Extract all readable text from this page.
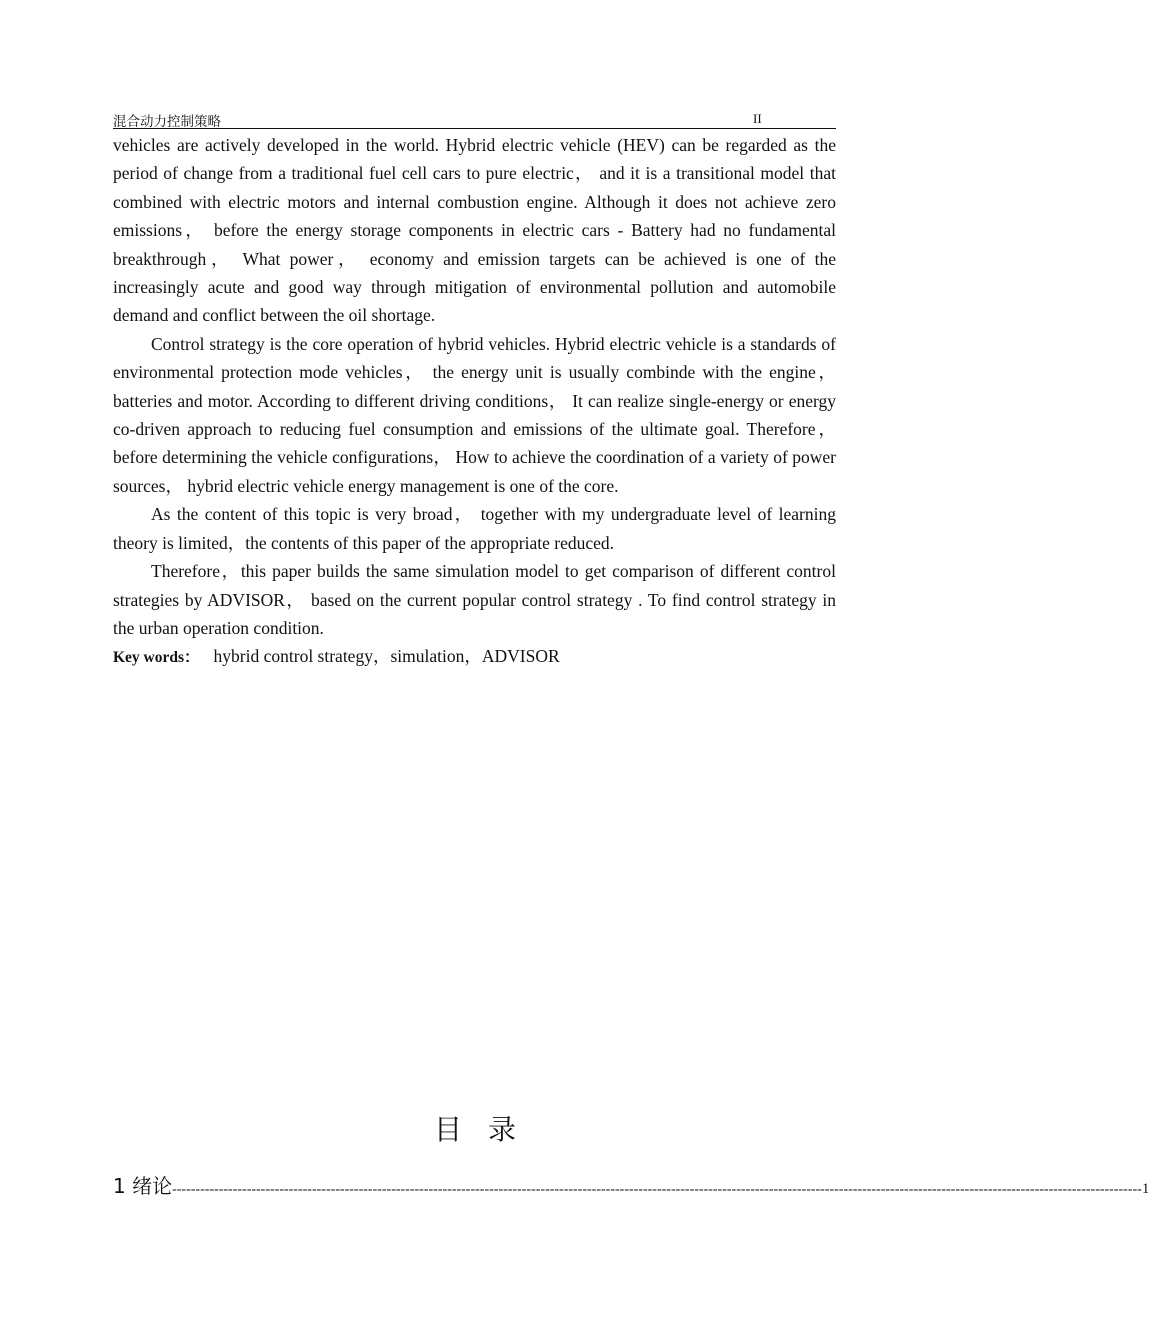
混合动力控制策略	II

vehicles are actively developed in the world. Hybrid electric vehicle (HEV) can be regarded as the period of change from a traditional fuel cell cars to pure electric， and it is a transitional model that combined with electric motors and internal combustion engine. Although it does not achieve zero emissions， before the energy storage components in electric cars - Battery had no fundamental breakthrough， What power， economy and emission targets can be achieved is one of the increasingly acute and good way through mitigation of environmental pollution and automobile demand and conflict between the oil shortage.

Control strategy is the core operation of hybrid vehicles. Hybrid electric vehicle is a standards of environmental protection mode vehicles， the energy unit is usually combinde with the engine， batteries and motor. According to different driving conditions， It can realize single-energy or energy co-driven approach to reducing fuel consumption and emissions of the ultimate goal. Therefore， before determining the vehicle configurations， How to achieve the coordination of a variety of power sources， hybrid electric vehicle energy management is one of the core.

As the content of this topic is very broad， together with my undergraduate level of learning theory is limited，the contents of this paper of the appropriate reduced.

Therefore，this paper builds the same simulation model to get comparison of different control strategies by ADVISOR， based on the current popular control strategy . To find control strategy in the urban operation condition.

Key words： hybrid control strategy，simulation，ADVISOR

目录
1 绪论 ---------------------------------------------------------------------------------------------------------------------------------------------------------------------------------------------------------------- 1
